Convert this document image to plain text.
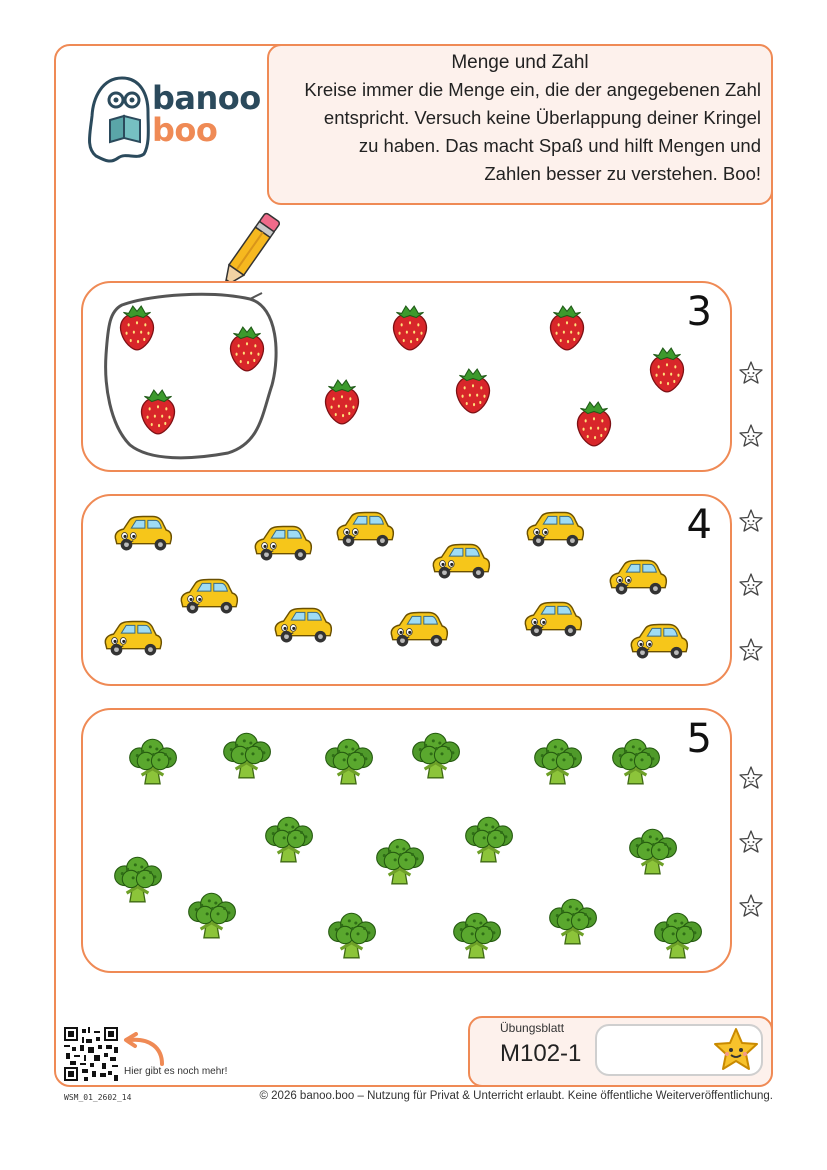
banoo
boo

Menge und Zahl

Kreise immer die Menge ein, die der angegebenen Zahl
entspricht. Versuch keine Überlappung deiner Kringel
zu haben. Das macht Spaß und hilft Mengen und
Zahlen besser zu verstehen. Boo!

3
4
5
Hier gibt es noch mehr!
Übungsblatt
M102-1
WSM_01_2602_14	© 2026 banoo.boo – Nutzung für Privat & Unterricht erlaubt. Keine öffentliche Weiterveröffentlichung.
